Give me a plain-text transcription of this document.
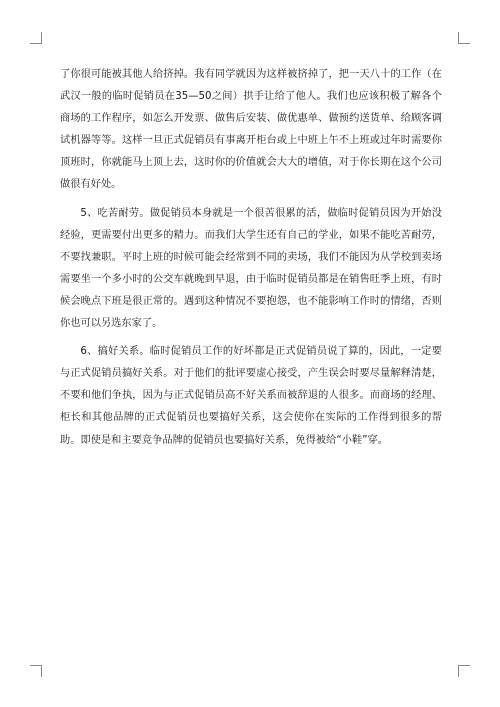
了你很可能被其他人给挤掉。我有同学就因为这样被挤掉了，把一天八十的工作（在武汉一般的临时促销员在35—50之间）拱手让给了他人。我们也应该积极了解各个商场的工作程序，如怎么开发票、做售后安装、做优惠单、做预约送货单、给顾客调试机器等等。这样一旦正式促销员有事离开柜台或上中班上午不上班或过年时需要你顶班时，你就能马上顶上去，这时你的价值就会大大的增值，对于你长期在这个公司做很有好处。

5、吃苦耐劳。做促销员本身就是一个很苦很累的活，做临时促销员因为开始没经验，更需要付出更多的精力。而我们大学生还有自己的学业，如果不能吃苦耐劳，不要找兼职。平时上班的时候可能会经常到不同的卖场，我们不能因为从学校到卖场需要坐一个多小时的公交车就晚到早退，由于临时促销员都是在销售旺季上班，有时候会晚点下班是很正常的。遇到这种情况不要抱怨，也不能影响工作时的情绪，否则你也可以另选东家了。

6、搞好关系。临时促销员工作的好坏都是正式促销员说了算的，因此，一定要与正式促销员搞好关系。对于他们的批评要虚心接受，产生误会时要尽量解释清楚，不要和他们争执，因为与正式促销员高不好关系而被辞退的人很多。而商场的经理、柜长和其他品牌的正式促销员也要搞好关系，这会使你在实际的工作得到很多的帮助。即使是和主要竞争品牌的促销员也要搞好关系，免得被给“小鞋”穿。
